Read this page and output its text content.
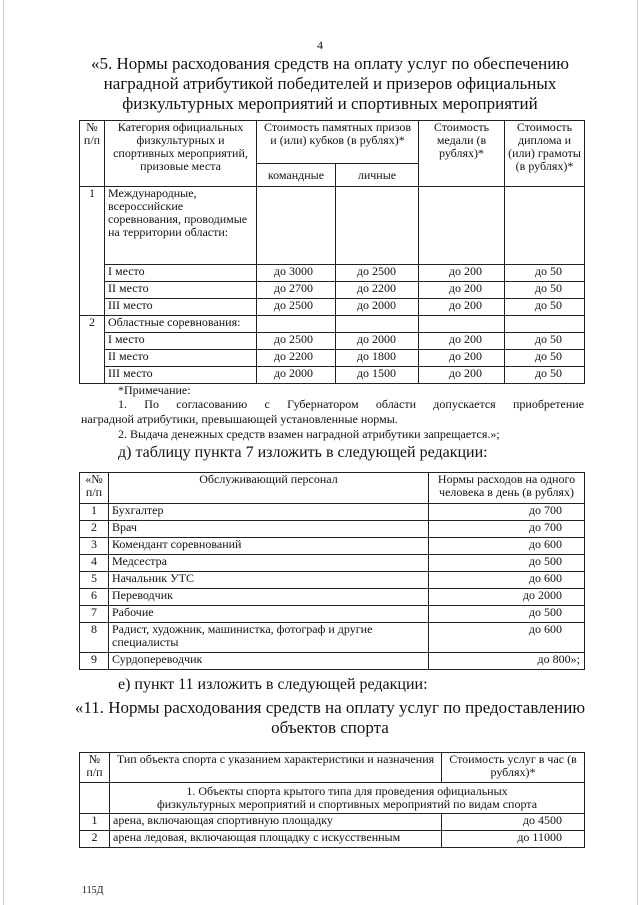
4
«5. Нормы расходования средств на оплату услуг по обеспечению
наградной атрибутикой победителей и призеров официальных
физкультурных мероприятий и спортивных мероприятий
№ п/п	Категория официальных физкультурных и спортивных мероприятий, призовые места	Стоимость памятных призов и (или) кубков (в рублях)*		Стоимость медали (в рублях)*	Стоимость диплома и (или) грамоты (в рублях)*
		командные	личные		
1	Международные, всероссийские соревнования, проводимые на территории области:				
	I место	до 3000	до 2500	до 200	до 50
	II место	до 2700	до 2200	до 200	до 50
	III место	до 2500	до 2000	до 200	до 50
2	Областные соревнования:				
	I место	до 2500	до 2000	до 200	до 50
	II место	до 2200	до 1800	до 200	до 50
	III место	до 2000	до 1500	до 200	до 50
*Примечание:
1. По согласованию с Губернатором области допускается приобретение
наградной атрибутики, превышающей установленные нормы.
2. Выдача денежных средств взамен наградной атрибутики запрещается.»;
д) таблицу пункта 7 изложить в следующей редакции:
«№ п/п	Обслуживающий персонал	Нормы расходов на одного человека в день (в рублях)
1	Бухгалтер	до 700
2	Врач	до 700
3	Комендант соревнований	до 600
4	Медсестра	до 500
5	Начальник УТС	до 600
6	Переводчик	до 2000
7	Рабочие	до 500
8	Радист, художник, машинистка, фотограф и другие специалисты	до 600
9	Сурдопереводчик	до 800»;
е) пункт 11 изложить в следующей редакции:
«11. Нормы расходования средств на оплату услуг по предоставлению
объектов спорта
№ п/п	Тип объекта спорта с указанием характеристики и назначения	Стоимость услуг в час (в рублях)*
	1. Объекты спорта крытого типа для проведения официальных физкультурных мероприятий и спортивных мероприятий по видам спорта	
1	арена, включающая спортивную площадку	до 4500
2	арена ледовая, включающая площадку с искусственным	до 11000
115Д
